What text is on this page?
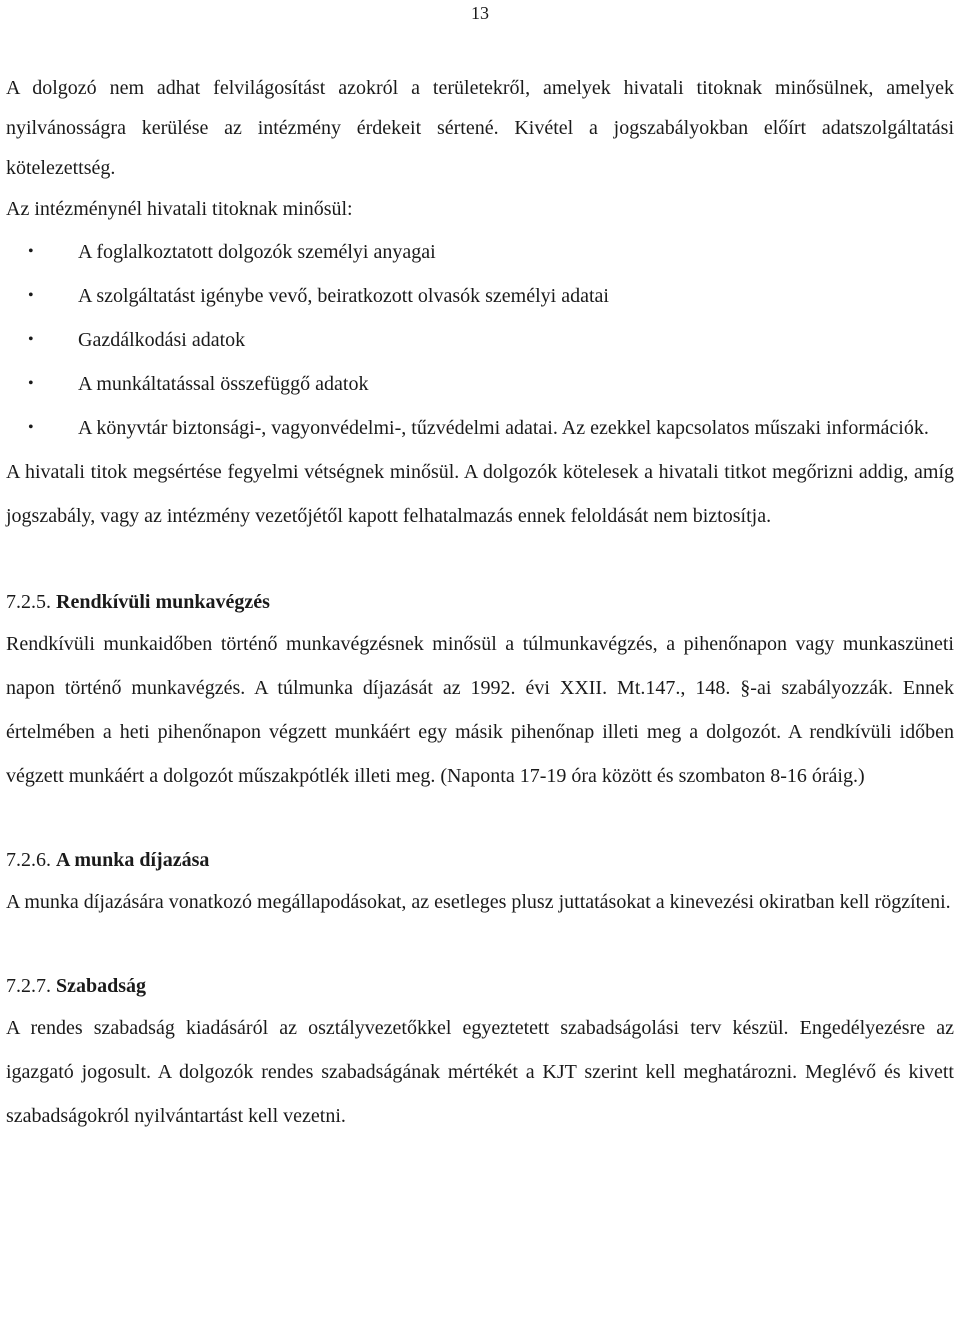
13

A dolgozó nem adhat felvilágosítást azokról a területekről, amelyek hivatali titoknak minősülnek, amelyek nyilvánosságra kerülése az intézmény érdekeit sértené. Kivétel a jogszabályokban előírt adatszolgáltatási kötelezettség.

Az intézménynél hivatali titoknak minősül:

• A foglalkoztatott dolgozók személyi anyagai
• A szolgáltatást igénybe vevő, beiratkozott olvasók személyi adatai
• Gazdálkodási adatok
• A munkáltatással összefüggő adatok
• A könyvtár biztonsági-, vagyonvédelmi-, tűzvédelmi adatai. Az ezekkel kapcsolatos műszaki információk.

A hivatali titok megsértése fegyelmi vétségnek minősül. A dolgozók kötelesek a hivatali titkot megőrizni addig, amíg jogszabály, vagy az intézmény vezetőjétől kapott felhatalmazás ennek feloldását nem biztosítja.

7.2.5. Rendkívüli munkavégzés

Rendkívüli munkaidőben történő munkavégzésnek minősül a túlmunkavégzés, a pihenőnapon vagy munkaszüneti napon történő munkavégzés. A túlmunka díjazását az 1992. évi XXII. Mt.147., 148. §-ai szabályozzák. Ennek értelmében a heti pihenőnapon végzett munkáért egy másik pihenőnap illeti meg a dolgozót. A rendkívüli időben végzett munkáért a dolgozót műszakpótlék illeti meg. (Naponta 17-19 óra között és szombaton 8-16 óráig.)

7.2.6. A munka díjazása

A munka díjazására vonatkozó megállapodásokat, az esetleges plusz juttatásokat a kinevezési okiratban kell rögzíteni.

7.2.7. Szabadság

A rendes szabadság kiadásáról az osztályvezetőkkel egyeztetett szabadságolási terv készül. Engedélyezésre az igazgató jogosult. A dolgozók rendes szabadságának mértékét a KJT szerint kell meghatározni. Meglévő és kivett szabadságokról nyilvántartást kell vezetni.
